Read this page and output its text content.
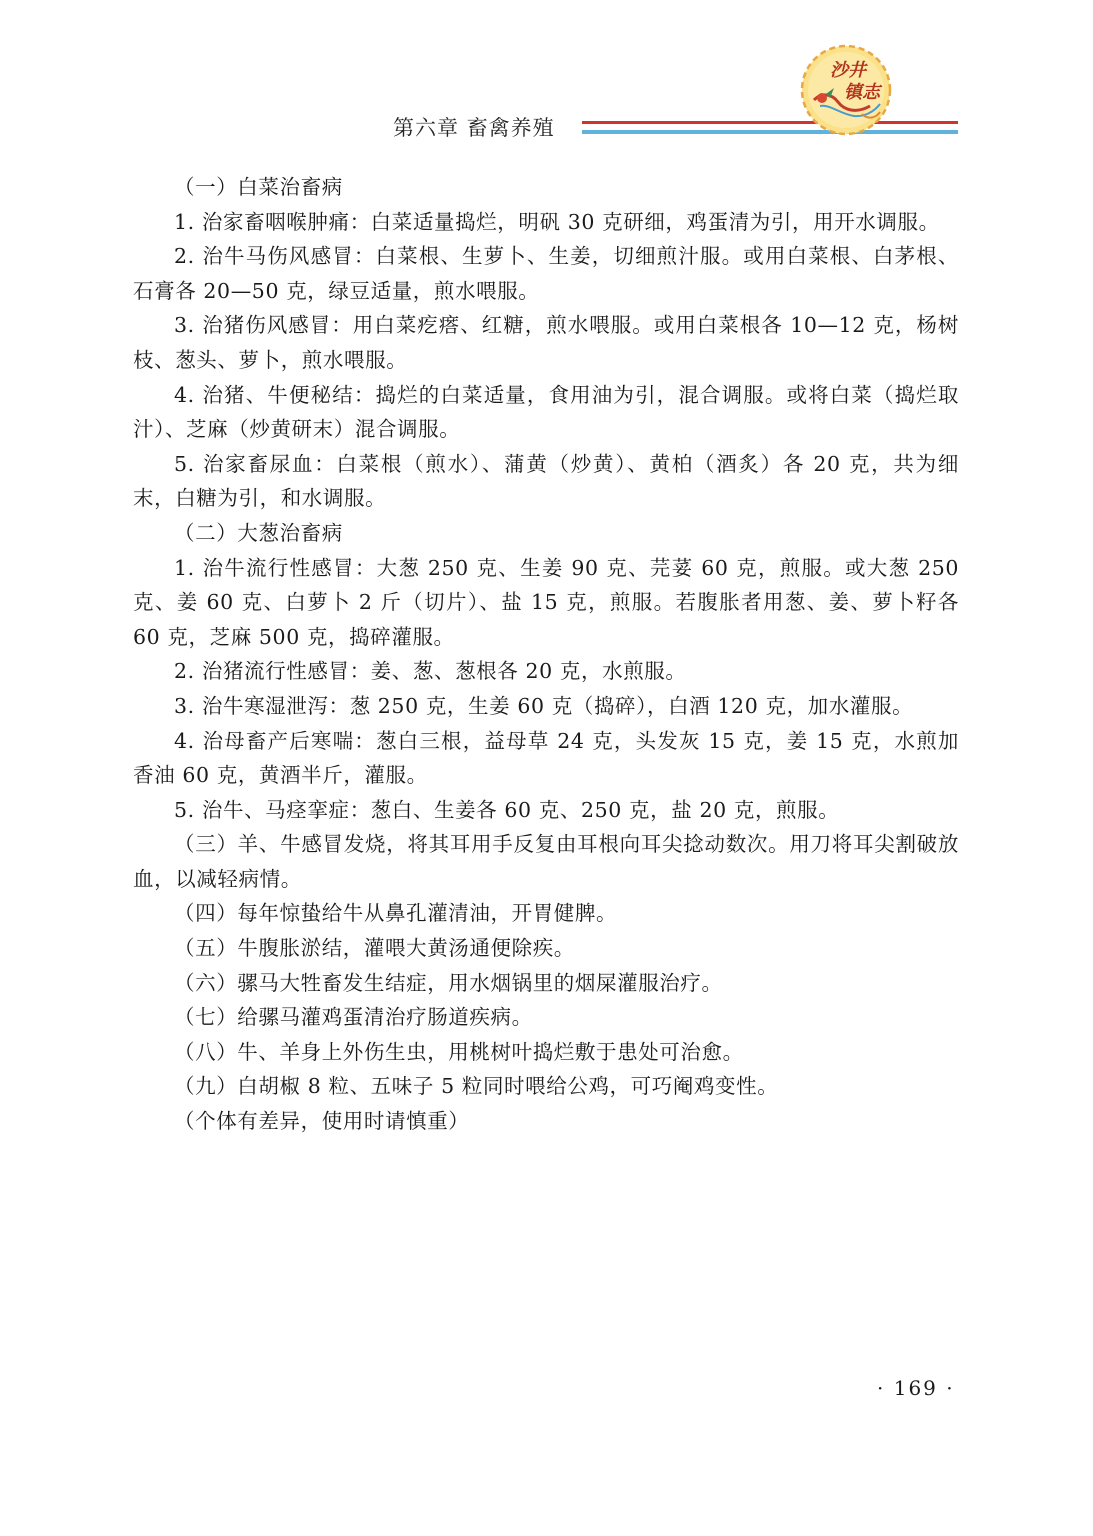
第六章 畜禽养殖
沙井
镇志

（一）白菜治畜病

1. 治家畜咽喉肿痛：白菜适量捣烂，明矾 30 克研细，鸡蛋清为引，用开水调服。

2. 治牛马伤风感冒：白菜根、生萝卜、生姜，切细煎汁服。或用白菜根、白茅根、石膏各 20—50 克，绿豆适量，煎水喂服。

3. 治猪伤风感冒：用白菜疙瘩、红糖，煎水喂服。或用白菜根各 10—12 克，杨树枝、葱头、萝卜，煎水喂服。

4. 治猪、牛便秘结：捣烂的白菜适量，食用油为引，混合调服。或将白菜（捣烂取汁）、芝麻（炒黄研末）混合调服。

5. 治家畜尿血：白菜根（煎水）、蒲黄（炒黄）、黄柏（酒炙）各 20 克，共为细末，白糖为引，和水调服。

（二）大葱治畜病

1. 治牛流行性感冒：大葱 250 克、生姜 90 克、芫荽 60 克，煎服。或大葱 250 克、姜 60 克、白萝卜 2 斤（切片）、盐 15 克，煎服。若腹胀者用葱、姜、萝卜籽各 60 克，芝麻 500 克，捣碎灌服。

2. 治猪流行性感冒：姜、葱、葱根各 20 克，水煎服。

3. 治牛寒湿泄泻：葱 250 克，生姜 60 克（捣碎），白酒 120 克，加水灌服。

4. 治母畜产后寒喘：葱白三根，益母草 24 克，头发灰 15 克，姜 15 克，水煎加香油 60 克，黄酒半斤，灌服。

5. 治牛、马痉挛症：葱白、生姜各 60 克、250 克，盐 20 克，煎服。

（三）羊、牛感冒发烧，将其耳用手反复由耳根向耳尖捻动数次。用刀将耳尖割破放血，以减轻病情。

（四）每年惊蛰给牛从鼻孔灌清油，开胃健脾。

（五）牛腹胀淤结，灌喂大黄汤通便除疾。

（六）骡马大牲畜发生结症，用水烟锅里的烟屎灌服治疗。

（七）给骡马灌鸡蛋清治疗肠道疾病。

（八）牛、羊身上外伤生虫，用桃树叶捣烂敷于患处可治愈。

（九）白胡椒 8 粒、五味子 5 粒同时喂给公鸡，可巧阉鸡变性。

（个体有差异，使用时请慎重）

· 169 ·
